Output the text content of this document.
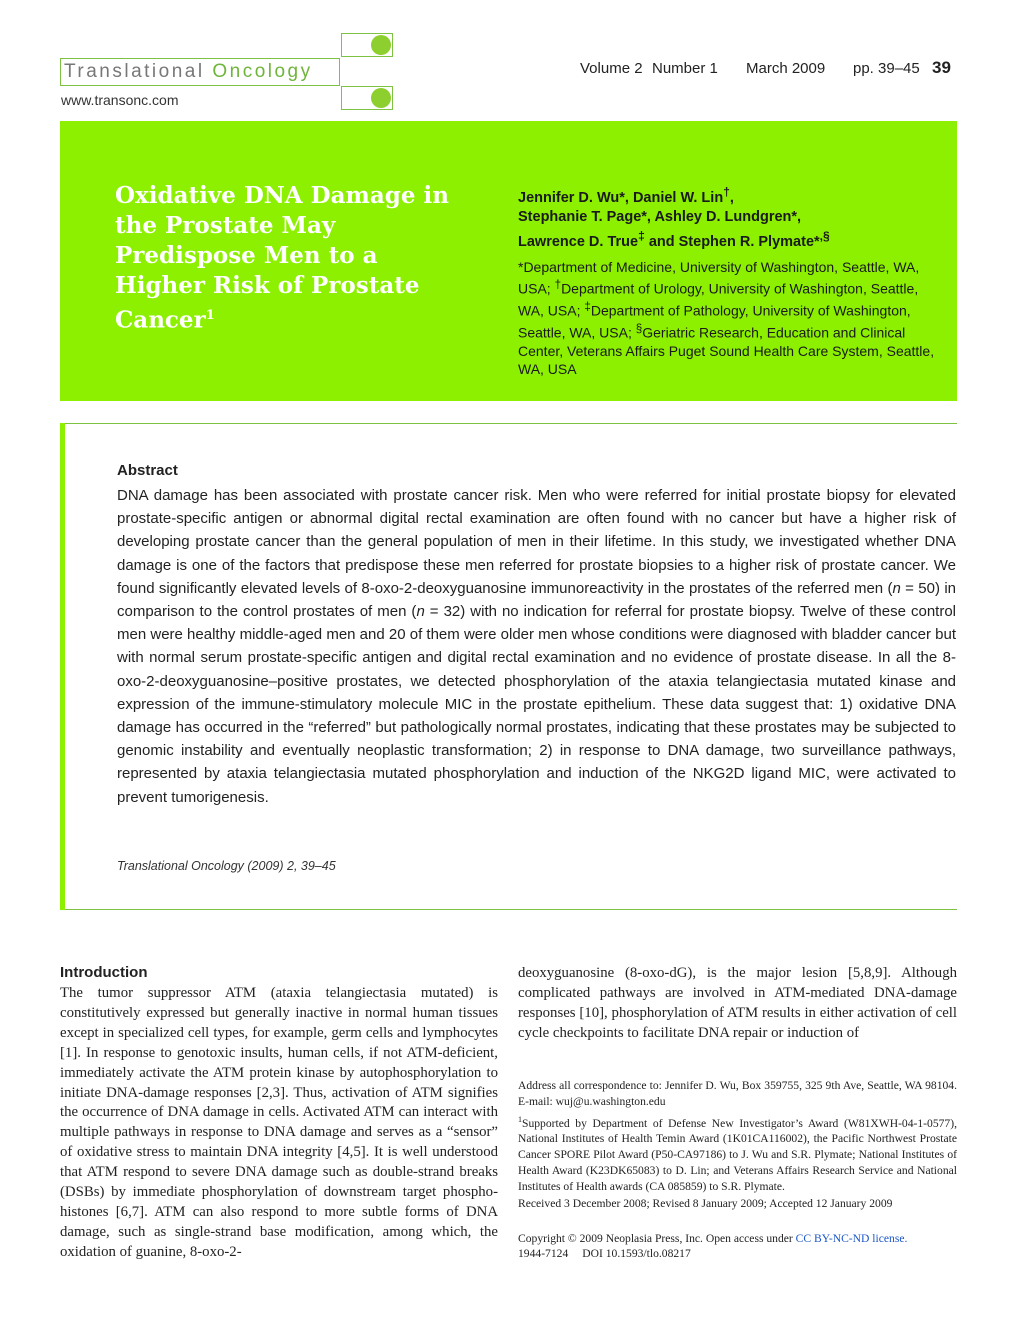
Translational Oncology
www.transonc.com
Volume 2 Number 1 March 2009 pp. 39–45 39
Oxidative DNA Damage in the Prostate May Predispose Men to a Higher Risk of Prostate Cancer$^1$
Jennifer D. Wu*, Daniel W. Lin†,
Stephanie T. Page*, Ashley D. Lundgren*,
Lawrence D. True‡ and Stephen R. Plymate*,§
*Department of Medicine, University of Washington, Seattle, WA, USA; †Department of Urology, University of Washington, Seattle, WA, USA; ‡Department of Pathology, University of Washington, Seattle, WA, USA; §Geriatric Research, Education and Clinical Center, Veterans Affairs Puget Sound Health Care System, Seattle, WA, USA
Abstract
DNA damage has been associated with prostate cancer risk. Men who were referred for initial prostate biopsy for elevated prostate-specific antigen or abnormal digital rectal examination are often found with no cancer but have a higher risk of developing prostate cancer than the general population of men in their lifetime. In this study, we investigated whether DNA damage is one of the factors that predispose these men referred for prostate biopsies to a higher risk of prostate cancer. We found significantly elevated levels of 8-oxo-2-deoxyguanosine immunoreactivity in the prostates of the referred men (n = 50) in comparison to the control prostates of men (n = 32) with no indication for referral for prostate biopsy. Twelve of these control men were healthy middle-aged men and 20 of them were older men whose conditions were diagnosed with bladder cancer but with normal serum prostate-specific antigen and digital rectal examination and no evidence of prostate disease. In all the 8-oxo-2-deoxyguanosine–positive prostates, we detected phosphorylation of the ataxia telangiectasia mutated kinase and expression of the immune-stimulatory molecule MIC in the prostate epithelium. These data suggest that: 1) oxidative DNA damage has occurred in the “referred” but pathologically normal prostates, indicating that these prostates may be subjected to genomic instability and eventually neoplastic transformation; 2) in response to DNA damage, two surveillance pathways, represented by ataxia telangiectasia mutated phosphorylation and induction of the NKG2D ligand MIC, were activated to prevent tumorigenesis.
Translational Oncology (2009) 2, 39–45
Introduction
The tumor suppressor ATM (ataxia telangiectasia mutated) is constitutively expressed but generally inactive in normal human tissues except in specialized cell types, for example, germ cells and lymphocytes [1]. In response to genotoxic insults, human cells, if not ATM-deficient, immediately activate the ATM protein kinase by autophosphorylation to initiate DNA-damage responses [2,3]. Thus, activation of ATM signifies the occurrence of DNA damage in cells. Activated ATM can interact with multiple pathways in response to DNA damage and serves as a “sensor” of oxidative stress to maintain DNA integrity [4,5]. It is well understood that ATM respond to severe DNA damage such as double-strand breaks (DSBs) by immediate phosphorylation of downstream target phospho-histones [6,7]. ATM can also respond to more subtle forms of DNA damage, such as single-strand base modification, among which, the oxidation of guanine, 8-oxo-2-
deoxyguanosine (8-oxo-dG), is the major lesion [5,8,9]. Although complicated pathways are involved in ATM-mediated DNA-damage responses [10], phosphorylation of ATM results in either activation of cell cycle checkpoints to facilitate DNA repair or induction of

Address all correspondence to: Jennifer D. Wu, Box 359755, 325 9th Ave, Seattle, WA 98104. E-mail: wuj@u.washington.edu

$^1$Supported by Department of Defense New Investigator’s Award (W81XWH-04-1-0577), National Institutes of Health Temin Award (1K01CA116002), the Pacific Northwest Prostate Cancer SPORE Pilot Award (P50-CA97186) to J. Wu and S.R. Plymate; National Institutes of Health Award (K23DK65083) to D. Lin; and Veterans Affairs Research Service and National Institutes of Health awards (CA 085859) to S.R. Plymate.

Received 3 December 2008; Revised 8 January 2009; Accepted 12 January 2009

Copyright © 2009 Neoplasia Press, Inc. Open access under CC BY-NC-ND license.
1944-7124 DOI 10.1593/tlo.08217
